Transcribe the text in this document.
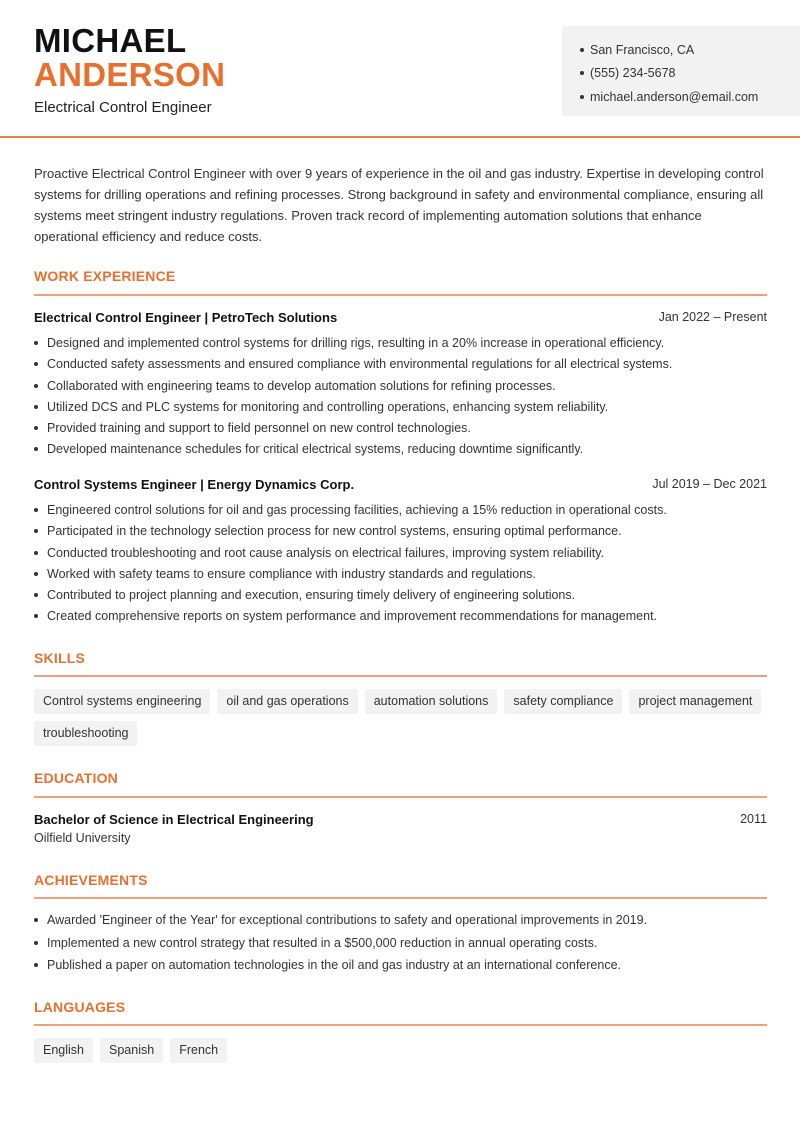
MICHAEL
ANDERSON
Electrical Control Engineer
San Francisco, CA
(555) 234-5678
michael.anderson@email.com

Proactive Electrical Control Engineer with over 9 years of experience in the oil and gas industry. Expertise in developing control systems for drilling operations and refining processes. Strong background in safety and environmental compliance, ensuring all systems meet stringent industry regulations. Proven track record of implementing automation solutions that enhance operational efficiency and reduce costs.

WORK EXPERIENCE
Electrical Control Engineer | PetroTech Solutions	Jan 2022 – Present
Designed and implemented control systems for drilling rigs, resulting in a 20% increase in operational efficiency.
Conducted safety assessments and ensured compliance with environmental regulations for all electrical systems.
Collaborated with engineering teams to develop automation solutions for refining processes.
Utilized DCS and PLC systems for monitoring and controlling operations, enhancing system reliability.
Provided training and support to field personnel on new control technologies.
Developed maintenance schedules for critical electrical systems, reducing downtime significantly.
Control Systems Engineer | Energy Dynamics Corp.	Jul 2019 – Dec 2021
Engineered control solutions for oil and gas processing facilities, achieving a 15% reduction in operational costs.
Participated in the technology selection process for new control systems, ensuring optimal performance.
Conducted troubleshooting and root cause analysis on electrical failures, improving system reliability.
Worked with safety teams to ensure compliance with industry standards and regulations.
Contributed to project planning and execution, ensuring timely delivery of engineering solutions.
Created comprehensive reports on system performance and improvement recommendations for management.
SKILLS
Control systems engineering	oil and gas operations	automation solutions	safety compliance	project management
troubleshooting
EDUCATION
Bachelor of Science in Electrical Engineering	2011
Oilfield University
ACHIEVEMENTS
Awarded 'Engineer of the Year' for exceptional contributions to safety and operational improvements in 2019.
Implemented a new control strategy that resulted in a $500,000 reduction in annual operating costs.
Published a paper on automation technologies in the oil and gas industry at an international conference.
LANGUAGES
English	Spanish	French
